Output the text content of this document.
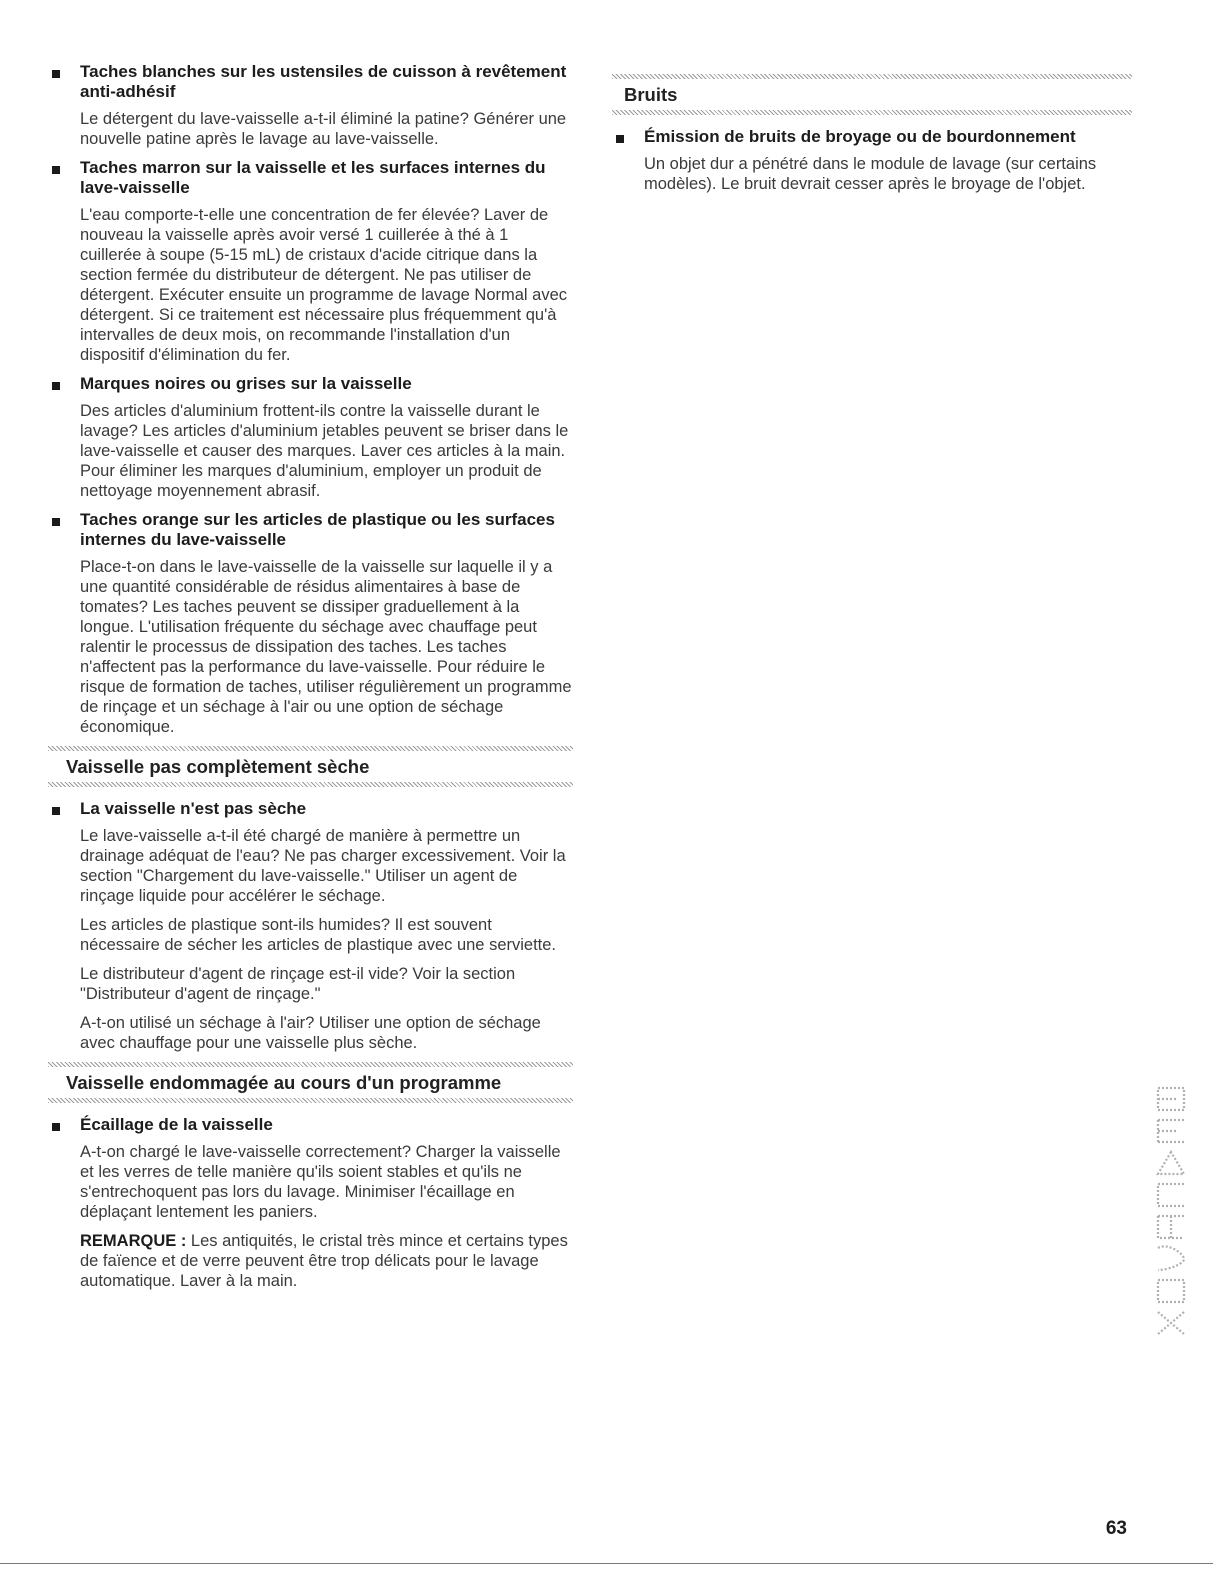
Taches blanches sur les ustensiles de cuisson à revêtement anti-adhésif

Le détergent du lave-vaisselle a-t-il éliminé la patine? Générer une nouvelle patine après le lavage au lave-vaisselle.

Taches marron sur la vaisselle et les surfaces internes du lave-vaisselle

L'eau comporte-t-elle une concentration de fer élevée? Laver de nouveau la vaisselle après avoir versé 1 cuillerée à thé à 1 cuillerée à soupe (5-15 mL) de cristaux d'acide citrique dans la section fermée du distributeur de détergent. Ne pas utiliser de détergent. Exécuter ensuite un programme de lavage Normal avec détergent. Si ce traitement est nécessaire plus fréquemment qu'à intervalles de deux mois, on recommande l'installation d'un dispositif d'élimination du fer.

Marques noires ou grises sur la vaisselle

Des articles d'aluminium frottent-ils contre la vaisselle durant le lavage? Les articles d'aluminium jetables peuvent se briser dans le lave-vaisselle et causer des marques. Laver ces articles à la main. Pour éliminer les marques d'aluminium, employer un produit de nettoyage moyennement abrasif.

Taches orange sur les articles de plastique ou les surfaces internes du lave-vaisselle

Place-t-on dans le lave-vaisselle de la vaisselle sur laquelle il y a une quantité considérable de résidus alimentaires à base de tomates? Les taches peuvent se dissiper graduellement à la longue. L'utilisation fréquente du séchage avec chauffage peut ralentir le processus de dissipation des taches. Les taches n'affectent pas la performance du lave-vaisselle. Pour réduire le risque de formation de taches, utiliser régulièrement un programme de rinçage et un séchage à l'air ou une option de séchage économique.

Vaisselle pas complètement sèche
La vaisselle n'est pas sèche

Le lave-vaisselle a-t-il été chargé de manière à permettre un drainage adéquat de l'eau? Ne pas charger excessivement. Voir la section "Chargement du lave-vaisselle." Utiliser un agent de rinçage liquide pour accélérer le séchage.

Les articles de plastique sont-ils humides? Il est souvent nécessaire de sécher les articles de plastique avec une serviette.

Le distributeur d'agent de rinçage est-il vide? Voir la section "Distributeur d'agent de rinçage."

A-t-on utilisé un séchage à l'air? Utiliser une option de séchage avec chauffage pour une vaisselle plus sèche.

Vaisselle endommagée au cours d'un programme
Écaillage de la vaisselle

A-t-on chargé le lave-vaisselle correctement? Charger la vaisselle et les verres de telle manière qu'ils soient stables et qu'ils ne s'entrechoquent pas lors du lavage. Minimiser l'écaillage en déplaçant lentement les paniers.

REMARQUE : Les antiquités, le cristal très mince et certains types de faïence et de verre peuvent être trop délicats pour le lavage automatique. Laver à la main.

Bruits
Émission de bruits de broyage ou de bourdonnement

Un objet dur a pénétré dans le module de lavage (sur certains modèles). Le bruit devrait cesser après le broyage de l'objet.

63
